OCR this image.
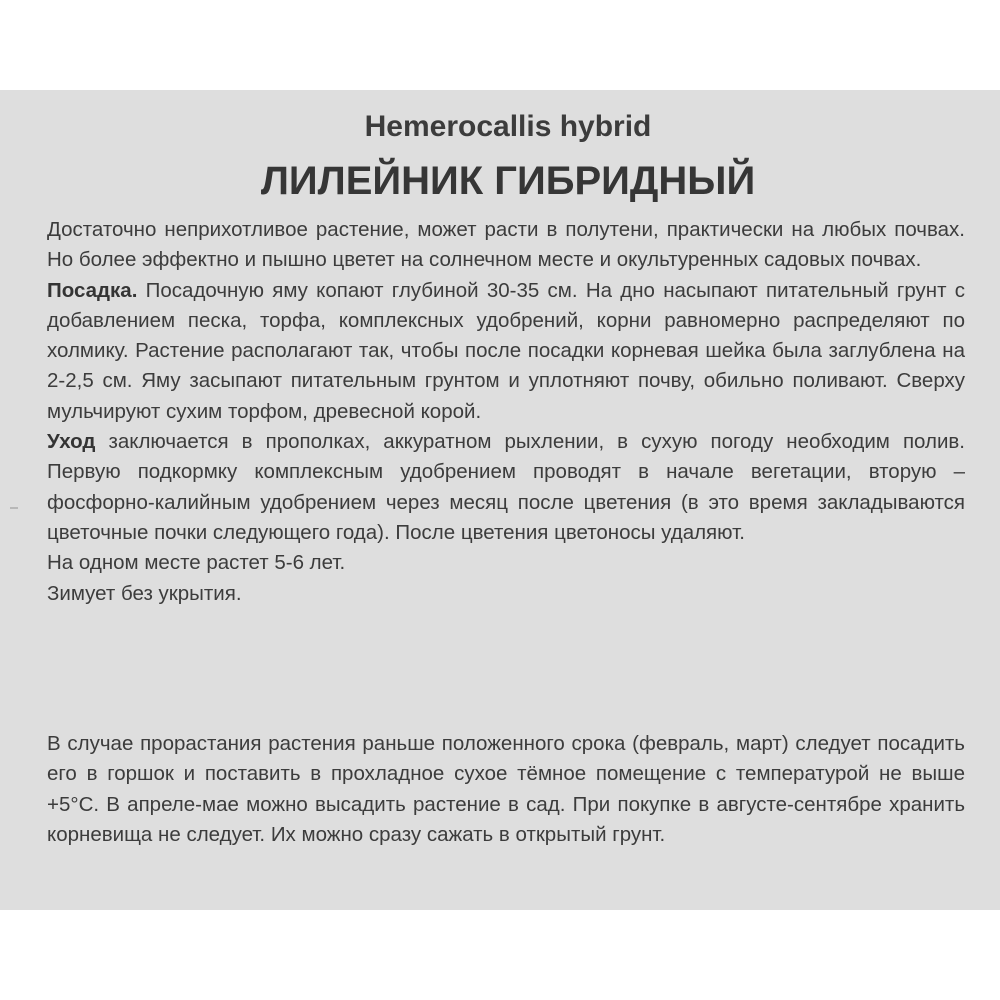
Hemerocallis hybrid
ЛИЛЕЙНИК ГИБРИДНЫЙ

Достаточно неприхотливое растение, может расти в полутени, практически на любых почвах. Но более эффектно и пышно цветет на солнечном месте и окультуренных садовых почвах.

Посадка. Посадочную яму копают глубиной 30-35 см. На дно насыпают питательный грунт с добавлением песка, торфа, комплексных удобрений, корни равномерно распределяют по холмику. Растение располагают так, чтобы после посадки корневая шейка была заглублена на 2-2,5 см. Яму засыпают питательным грунтом и уплотняют почву, обильно поливают. Сверху мульчируют сухим торфом, древесной корой.

Уход заключается в прополках, аккуратном рыхлении, в сухую погоду необходим полив. Первую подкормку комплексным удобрением проводят в начале вегетации, вторую – фосфорно-калийным удобрением через месяц после цветения (в это время закладываются цветочные почки следующего года). После цветения цветоносы удаляют.

На одном месте растет 5-6 лет.

Зимует без укрытия.

В случае прорастания растения раньше положенного срока (февраль, март) следует посадить его в горшок и поставить в прохладное сухое тёмное помещение с температурой не выше +5°С. В апреле-мае можно высадить растение в сад. При покупке в августе-сентябре хранить корневища не следует. Их можно сразу сажать в открытый грунт.
